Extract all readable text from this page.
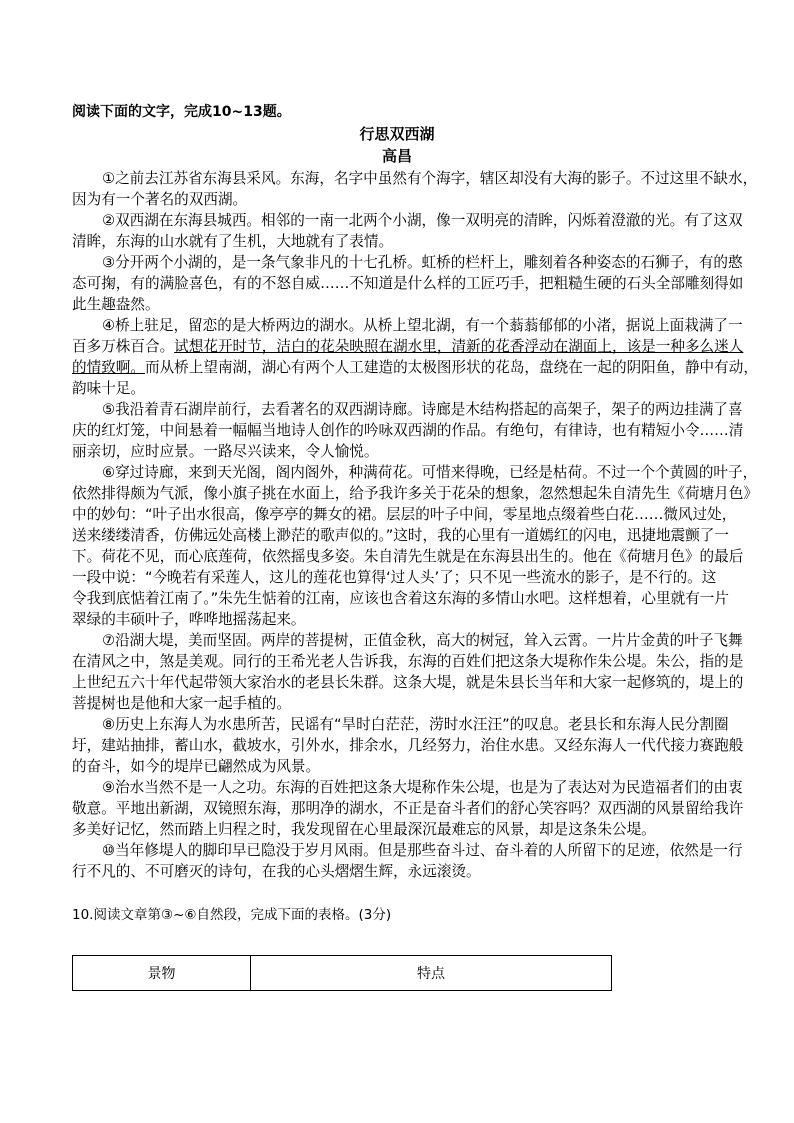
阅读下面的文字，完成10~13题。
行思双西湖
高昌
①之前去江苏省东海县采风。东海，名字中虽然有个海字，辖区却没有大海的影子。不过这里不缺水，
因为有一个著名的双西湖。
②双西湖在东海县城西。相邻的一南一北两个小湖，像一双明亮的清眸，闪烁着澄澈的光。有了这双
清眸，东海的山水就有了生机，大地就有了表情。
③分开两个小湖的，是一条气象非凡的十七孔桥。虹桥的栏杆上，雕刻着各种姿态的石狮子，有的憨
态可掬，有的满脸喜色，有的不怒自威……不知道是什么样的工匠巧手，把粗糙生硬的石头全部雕刻得如
此生趣盎然。
④桥上驻足，留恋的是大桥两边的湖水。从桥上望北湖，有一个蓊蓊郁郁的小渚，据说上面栽满了一
百多万株百合。试想花开时节，洁白的花朵映照在湖水里，清新的花香浮动在湖面上，该是一种多么迷人
的情致啊。而从桥上望南湖，湖心有两个人工建造的太极图形状的花岛，盘绕在一起的阴阳鱼，静中有动，
韵味十足。
⑤我沿着青石湖岸前行，去看著名的双西湖诗廊。诗廊是木结构搭起的高架子，架子的两边挂满了喜
庆的红灯笼，中间悬着一幅幅当地诗人创作的吟咏双西湖的作品。有绝句，有律诗，也有精短小令……清
丽亲切，应时应景。一路尽兴读来，令人愉悦。
⑥穿过诗廊，来到天光阁，阁内阁外，种满荷花。可惜来得晚，已经是枯荷。不过一个个黄圆的叶子，
依然排得颇为气派，像小旗子挑在水面上，给予我许多关于花朵的想象，忽然想起朱自清先生《荷塘月色》
中的妙句：“叶子出水很高，像亭亭的舞女的裙。层层的叶子中间，零星地点缀着些白花……微风过处，
送来缕缕清香，仿佛远处高楼上渺茫的歌声似的。”这时，我的心里有一道嫣红的闪电，迅捷地震颤了一
下。荷花不见，而心底莲荷，依然摇曳多姿。朱自清先生就是在东海县出生的。他在《荷塘月色》的最后
一段中说：“今晚若有采莲人，这儿的莲花也算得‘过人头’了；只不见一些流水的影子，是不行的。这
令我到底惦着江南了。”朱先生惦着的江南，应该也含着这东海的多情山水吧。这样想着，心里就有一片
翠绿的丰硕叶子，哗哗地摇荡起来。
⑦沿湖大堤，美而坚固。两岸的菩提树，正值金秋，高大的树冠，耸入云霄。一片片金黄的叶子飞舞
在清风之中，煞是美观。同行的王希光老人告诉我，东海的百姓们把这条大堤称作朱公堤。朱公，指的是
上世纪五六十年代起带领大家治水的老县长朱群。这条大堤，就是朱县长当年和大家一起修筑的，堤上的
菩提树也是他和大家一起手植的。
⑧历史上东海人为水患所苦，民谣有“旱时白茫茫，涝时水汪汪”的叹息。老县长和东海人民分割圈
圩，建站抽排，蓄山水，截坡水，引外水，排余水，几经努力，治住水患。又经东海人一代代接力赛跑般
的奋斗，如今的堤岸已翩然成为风景。
⑨治水当然不是一人之功。东海的百姓把这条大堤称作朱公堤，也是为了表达对为民造福者们的由衷
敬意。平地出新湖，双镜照东海，那明净的湖水，不正是奋斗者们的舒心笑容吗？双西湖的风景留给我许
多美好记忆，然而踏上归程之时，我发现留在心里最深沉最难忘的风景，却是这条朱公堤。
⑩当年修堤人的脚印早已隐没于岁月风雨。但是那些奋斗过、奋斗着的人所留下的足迹，依然是一行
行不凡的、不可磨灭的诗句，在我的心头熠熠生辉，永远滚烫。
10.阅读文章第③~⑥自然段，完成下面的表格。(3分)
景物	特点
